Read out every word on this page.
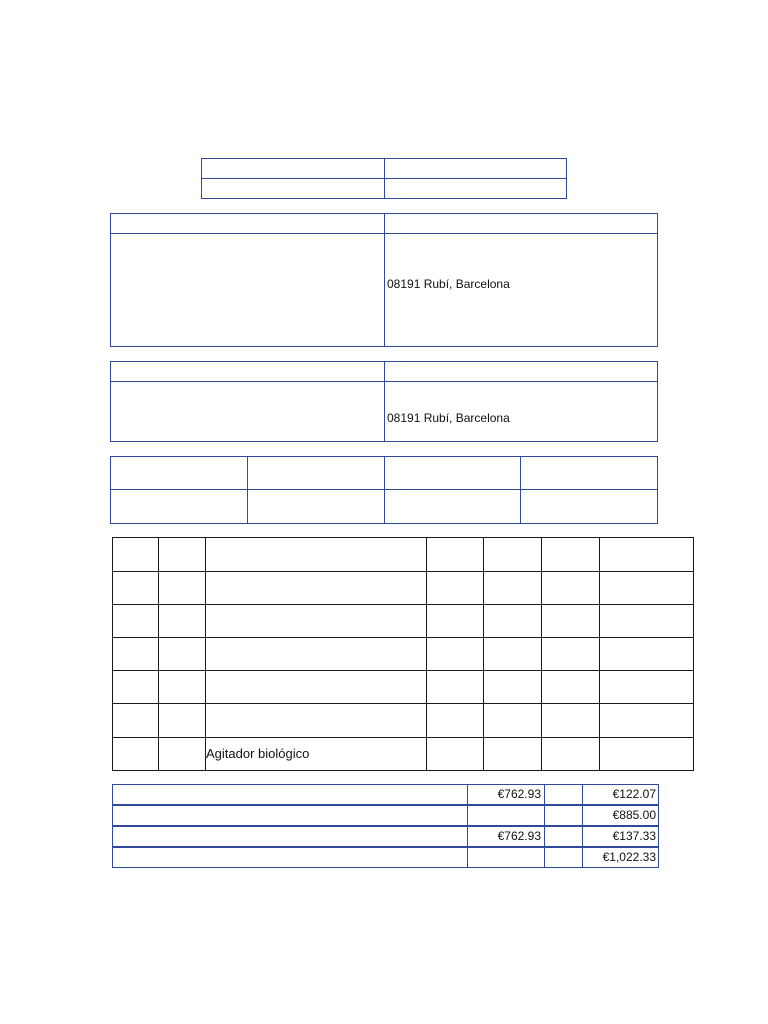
08191 Rubí, Barcelona
08191 Rubí, Barcelona
Agitador biológico
€762.93	€122.07
€885.00
€762.93	€137.33
€1,022.33
